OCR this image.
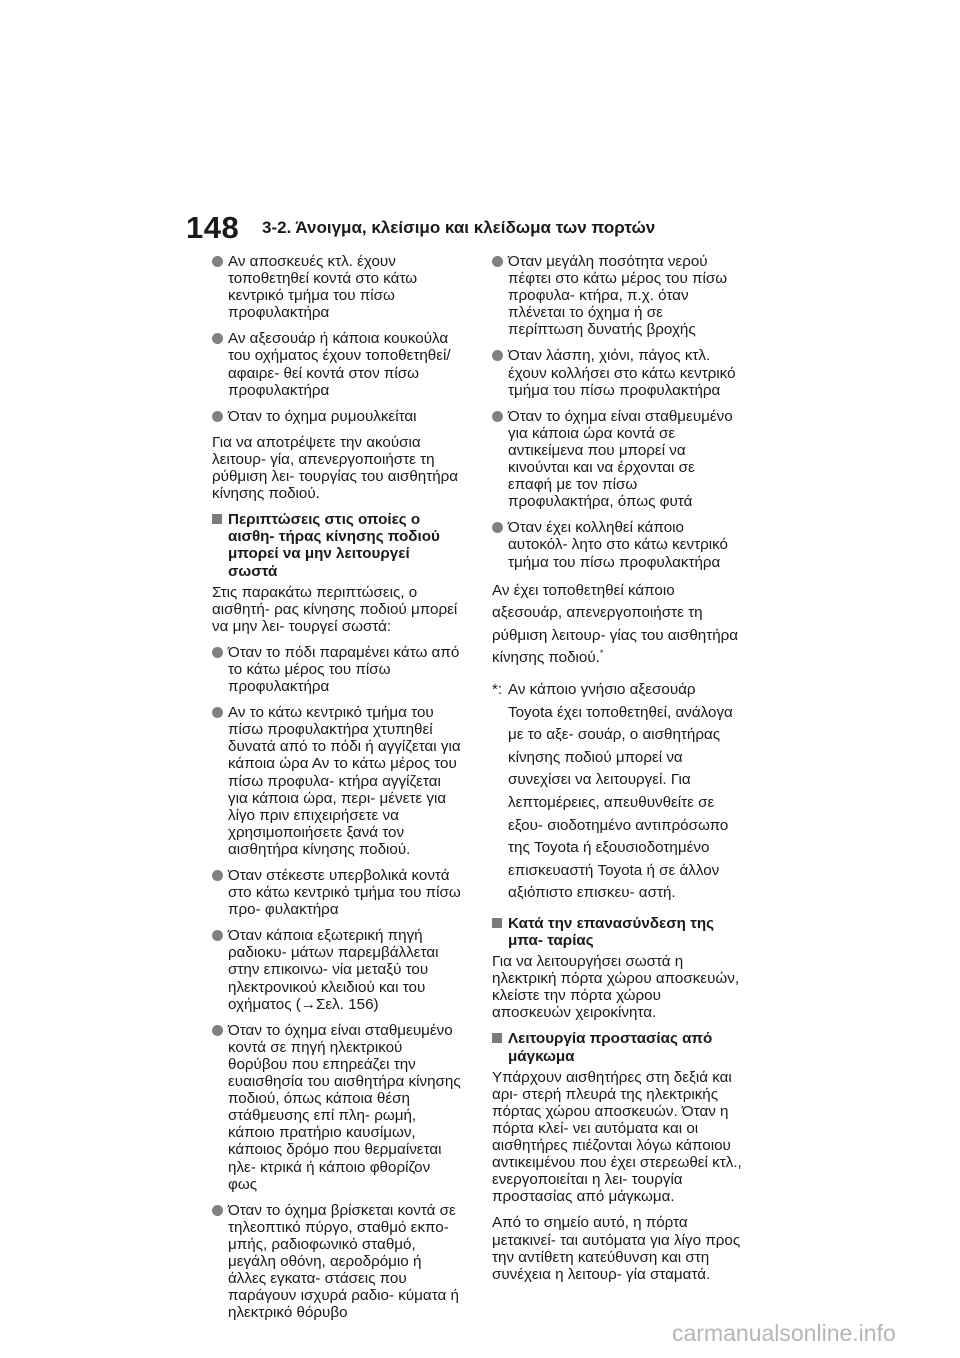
148 3-2. Άνοιγμα, κλείσιμο και κλείδωμα των πορτών
Αν αποσκευές κτλ. έχουν τοποθετηθεί κοντά στο κάτω κεντρικό τμήμα του πίσω προφυλακτήρα
Αν αξεσουάρ ή κάποια κουκούλα του οχήματος έχουν τοποθετηθεί/αφαιρε- θεί κοντά στον πίσω προφυλακτήρα
Όταν το όχημα ρυμουλκείται
Για να αποτρέψετε την ακούσια λειτουρ- γία, απενεργοποιήστε τη ρύθμιση λει- τουργίας του αισθητήρα κίνησης ποδιού.
Περιπτώσεις στις οποίες ο αισθη- τήρας κίνησης ποδιού μπορεί να μην λειτουργεί σωστά
Στις παρακάτω περιπτώσεις, ο αισθητή- ρας κίνησης ποδιού μπορεί να μην λει- τουργεί σωστά:
Όταν το πόδι παραμένει κάτω από το κάτω μέρος του πίσω προφυλακτήρα
Αν το κάτω κεντρικό τμήμα του πίσω προφυλακτήρα χτυπηθεί δυνατά από το πόδι ή αγγίζεται για κάποια ώρα Αν το κάτω μέρος του πίσω προφυλα- κτήρα αγγίζεται για κάποια ώρα, περι- μένετε για λίγο πριν επιχειρήσετε να χρησιμοποιήσετε ξανά τον αισθητήρα κίνησης ποδιού.
Όταν στέκεστε υπερβολικά κοντά στο κάτω κεντρικό τμήμα του πίσω προ- φυλακτήρα
Όταν κάποια εξωτερική πηγή ραδιοκυ- μάτων παρεμβάλλεται στην επικοινω- νία μεταξύ του ηλεκτρονικού κλειδιού και του οχήματος (→Σελ. 156)
Όταν το όχημα είναι σταθμευμένο κοντά σε πηγή ηλεκτρικού θορύβου που επηρεάζει την ευαισθησία του αισθητήρα κίνησης ποδιού, όπως κάποια θέση στάθμευσης επί πλη- ρωμή, κάποιο πρατήριο καυσίμων, κάποιος δρόμο που θερμαίνεται ηλε- κτρικά ή κάποιο φθορίζον φως
Όταν το όχημα βρίσκεται κοντά σε τηλεοπτικό πύργο, σταθμό εκπο- μπής, ραδιοφωνικό σταθμό, μεγάλη οθόνη, αεροδρόμιο ή άλλες εγκατα- στάσεις που παράγουν ισχυρά ραδιο- κύματα ή ηλεκτρικό θόρυβο
Όταν μεγάλη ποσότητα νερού πέφτει στο κάτω μέρος του πίσω προφυλα- κτήρα, π.χ. όταν πλένεται το όχημα ή σε περίπτωση δυνατής βροχής
Όταν λάσπη, χιόνι, πάγος κτλ. έχουν κολλήσει στο κάτω κεντρικό τμήμα του πίσω προφυλακτήρα
Όταν το όχημα είναι σταθμευμένο για κάποια ώρα κοντά σε αντικείμενα που μπορεί να κινούνται και να έρχονται σε επαφή με τον πίσω προφυλακτήρα, όπως φυτά
Όταν έχει κολληθεί κάποιο αυτοκόλ- λητο στο κάτω κεντρικό τμήμα του πίσω προφυλακτήρα
Αν έχει τοποθετηθεί κάποιο αξεσουάρ, απενεργοποιήστε τη ρύθμιση λειτουρ- γίας του αισθητήρα κίνησης ποδιού.*
*: Αν κάποιο γνήσιο αξεσουάρ Toyota έχει τοποθετηθεί, ανάλογα με το αξε- σουάρ, ο αισθητήρας κίνησης ποδιού μπορεί να συνεχίσει να λειτουργεί. Για λεπτομέρειες, απευθυνθείτε σε εξου- σιοδοτημένο αντιπρόσωπο της Toyota ή εξουσιοδοτημένο επισκευαστή Toyota ή σε άλλον αξιόπιστο επισκευ- αστή.
Κατά την επανασύνδεση της μπα- ταρίας
Για να λειτουργήσει σωστά η ηλεκτρική πόρτα χώρου αποσκευών, κλείστε την πόρτα χώρου αποσκευών χειροκίνητα.
Λειτουργία προστασίας από μάγκωμα
Υπάρχουν αισθητήρες στη δεξιά και αρι- στερή πλευρά της ηλεκτρικής πόρτας χώρου αποσκευών. Όταν η πόρτα κλεί- νει αυτόματα και οι αισθητήρες πιέζονται λόγω κάποιου αντικειμένου που έχει στερεωθεί κτλ., ενεργοποιείται η λει- τουργία προστασίας από μάγκωμα.
Από το σημείο αυτό, η πόρτα μετακινεί- ται αυτόματα για λίγο προς την αντίθετη κατεύθυνση και στη συνέχεια η λειτουρ- γία σταματά.
carmanualsonline.info
